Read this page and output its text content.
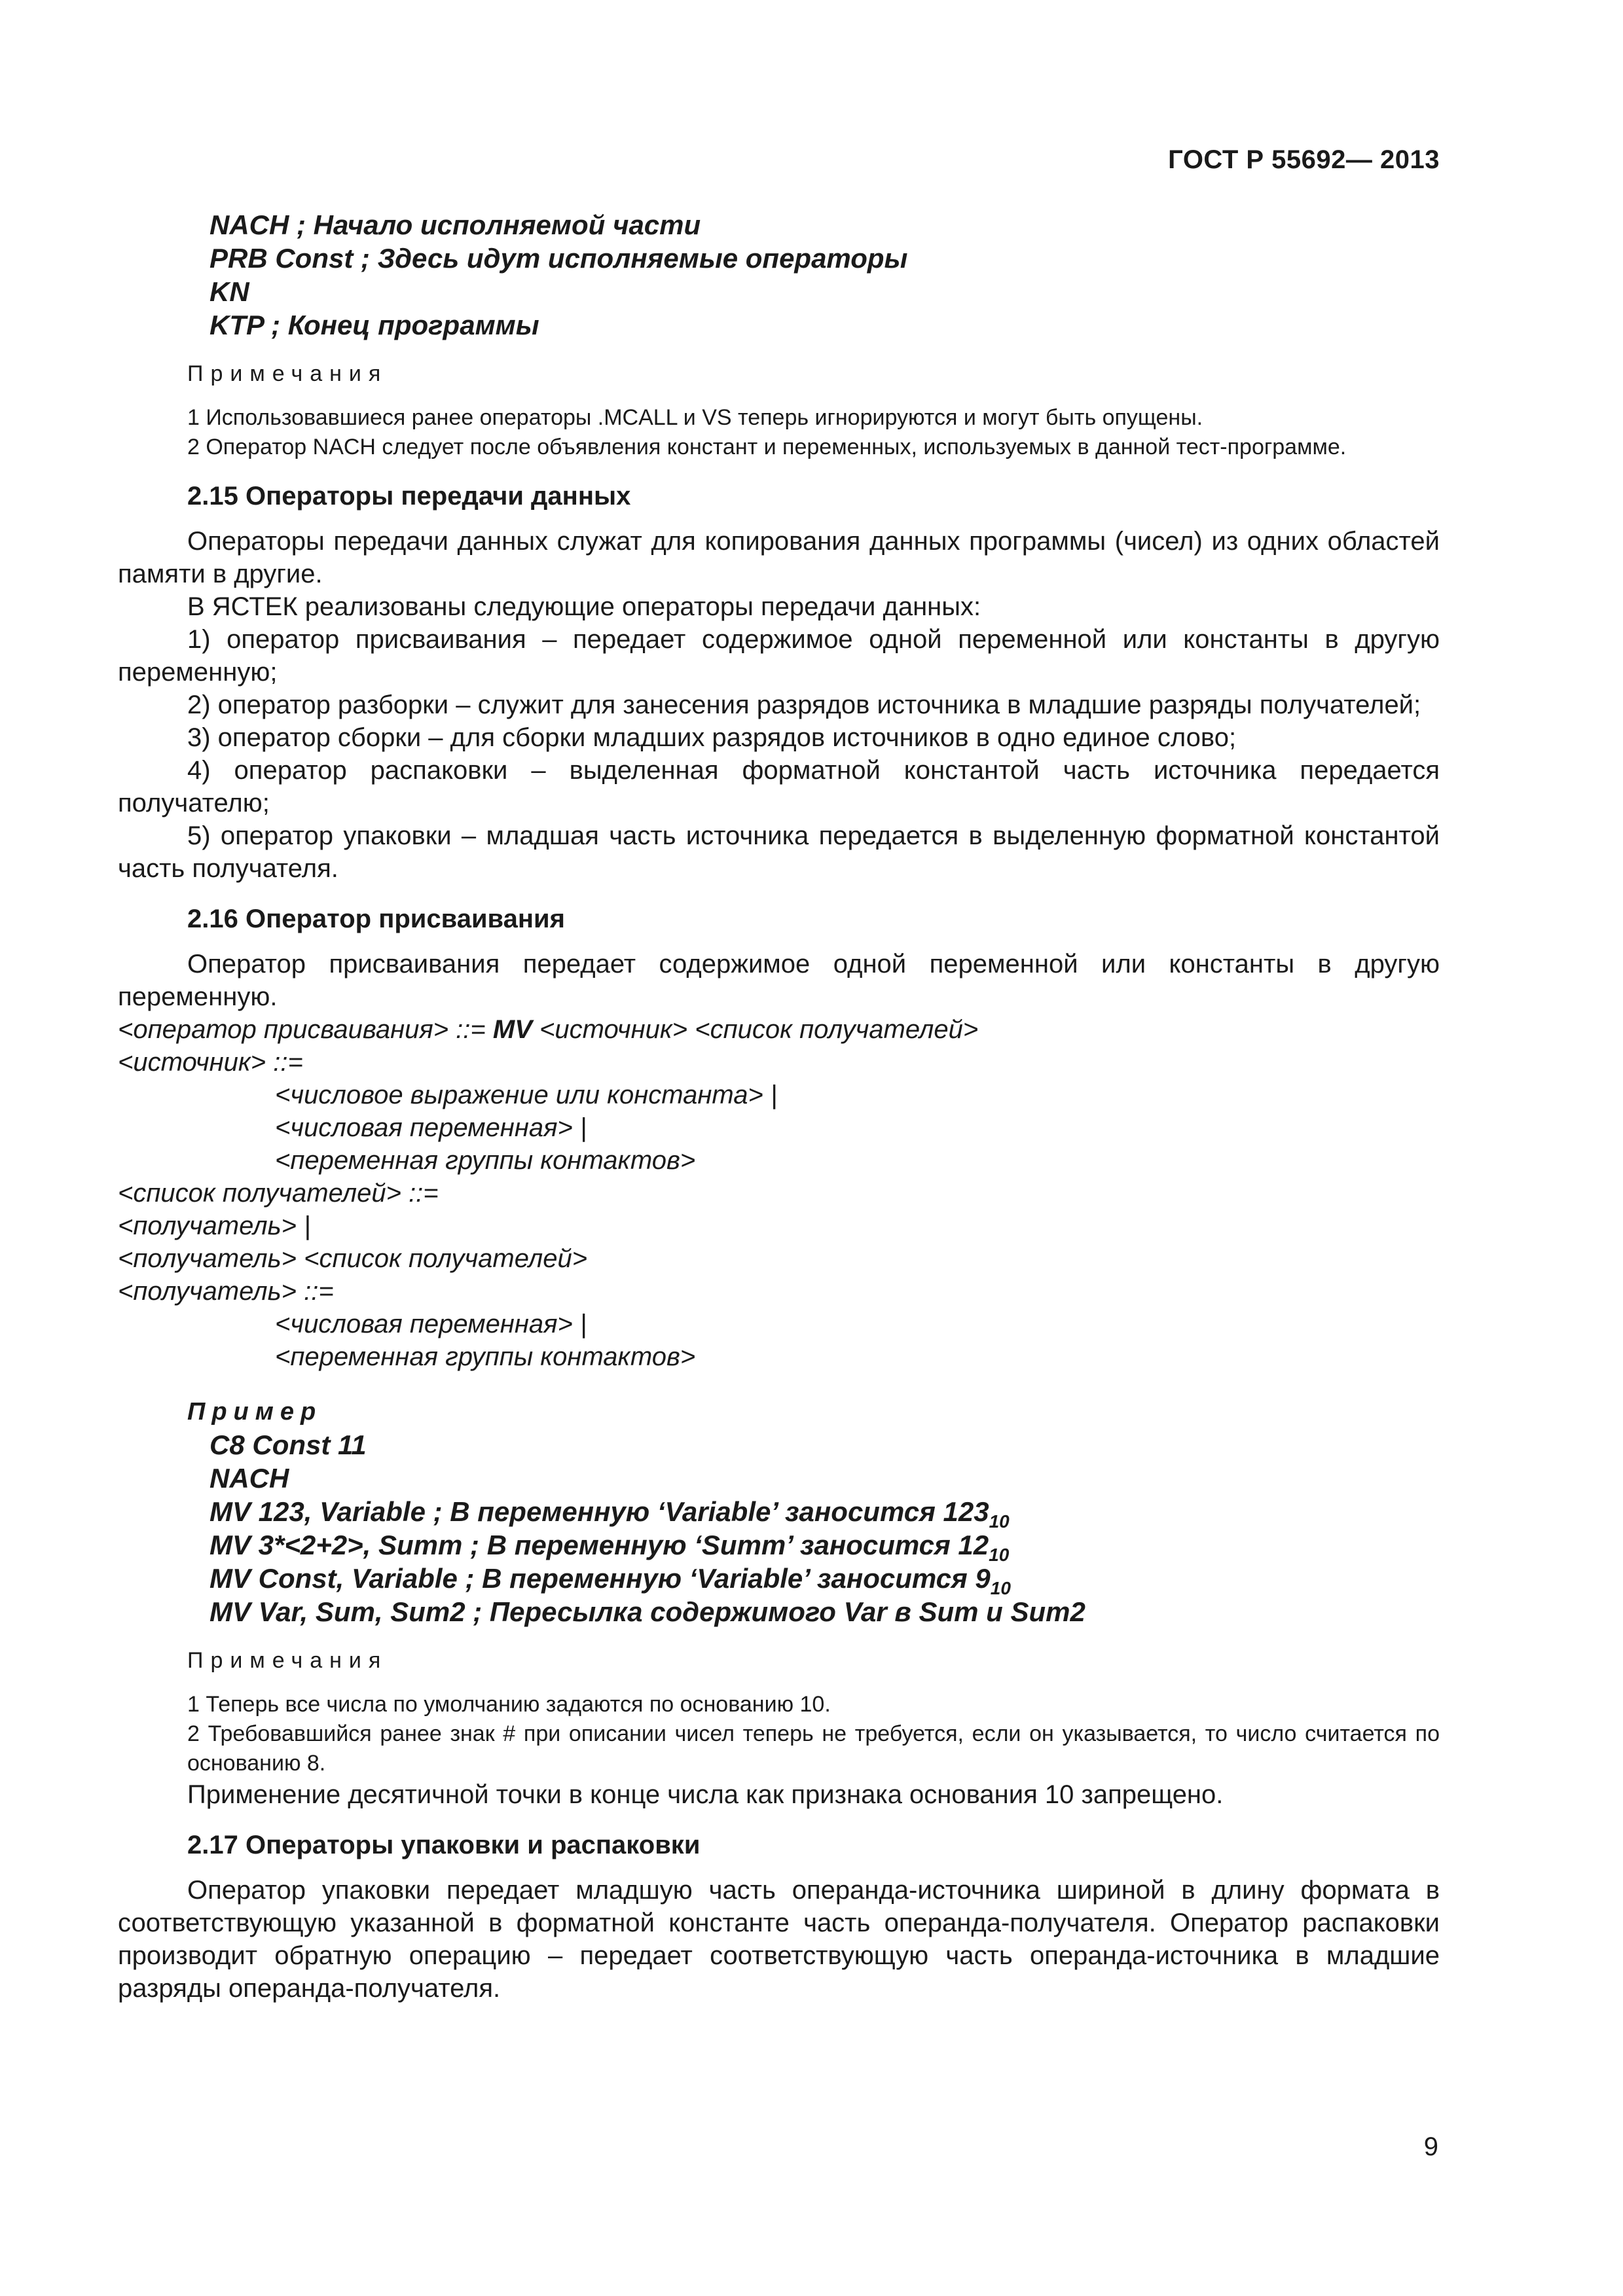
ГОСТ Р 55692— 2013
NACH ; Начало исполняемой части
PRB Const ; Здесь идут исполняемые операторы
KN
KTP ; Конец программы
Примечания

1 Использовавшиеся ранее операторы .MCALL и VS теперь игнорируются и могут быть опущены.

2 Оператор NACH следует после объявления констант и переменных, используемых в данной тест-программе.

2.15 Операторы передачи данных

Операторы передачи данных служат для копирования данных программы (чисел) из одних областей памяти в другие.

В ЯСТЕК реализованы следующие операторы передачи данных:

1) оператор присваивания – передает содержимое одной переменной или константы в другую переменную;

2) оператор разборки – служит для занесения разрядов источника в младшие разряды получателей;

3) оператор сборки – для сборки младших разрядов источников в одно единое слово;

4) оператор распаковки – выделенная форматной константой часть источника передается получателю;

5) оператор упаковки – младшая часть источника передается в выделенную форматной константой часть получателя.

2.16 Оператор присваивания

Оператор присваивания передает содержимое одной переменной или константы в другую переменную.

<оператор присваивания> ::= MV <источник> <список получателей>
<источник> ::=
<числовое выражение или константа> |
<числовая переменная> |
<переменная группы контактов>
<список получателей> ::=
<получатель> |
<получатель> <список получателей>
<получатель> ::=
<числовая переменная> |
<переменная группы контактов>
Пример
C8 Const 11
NACH
MV 123, Variable ; В переменную ‘Variable’ заносится $123_{10}$
MV 3*<2+2>, Summ ; В переменную ‘Summ’ заносится $12_{10}$
MV Const, Variable ; В переменную ‘Variable’ заносится $9_{10}$
MV Var, Sum, Sum2 ; Пересылка содержимого Var в Sum и Sum2
Примечания

1 Теперь все числа по умолчанию задаются по основанию 10.

2 Требовавшийся ранее знак # при описании чисел теперь не требуется, если он указывается, то число считается по основанию 8.

Применение десятичной точки в конце числа как признака основания 10 запрещено.

2.17 Операторы упаковки и распаковки

Оператор упаковки передает младшую часть операнда-источника шириной в длину формата в соответствующую указанной в форматной константе часть операнда-получателя. Оператор распаковки производит обратную операцию – передает соответствующую часть операнда-источника в младшие разряды операнда-получателя.

9
